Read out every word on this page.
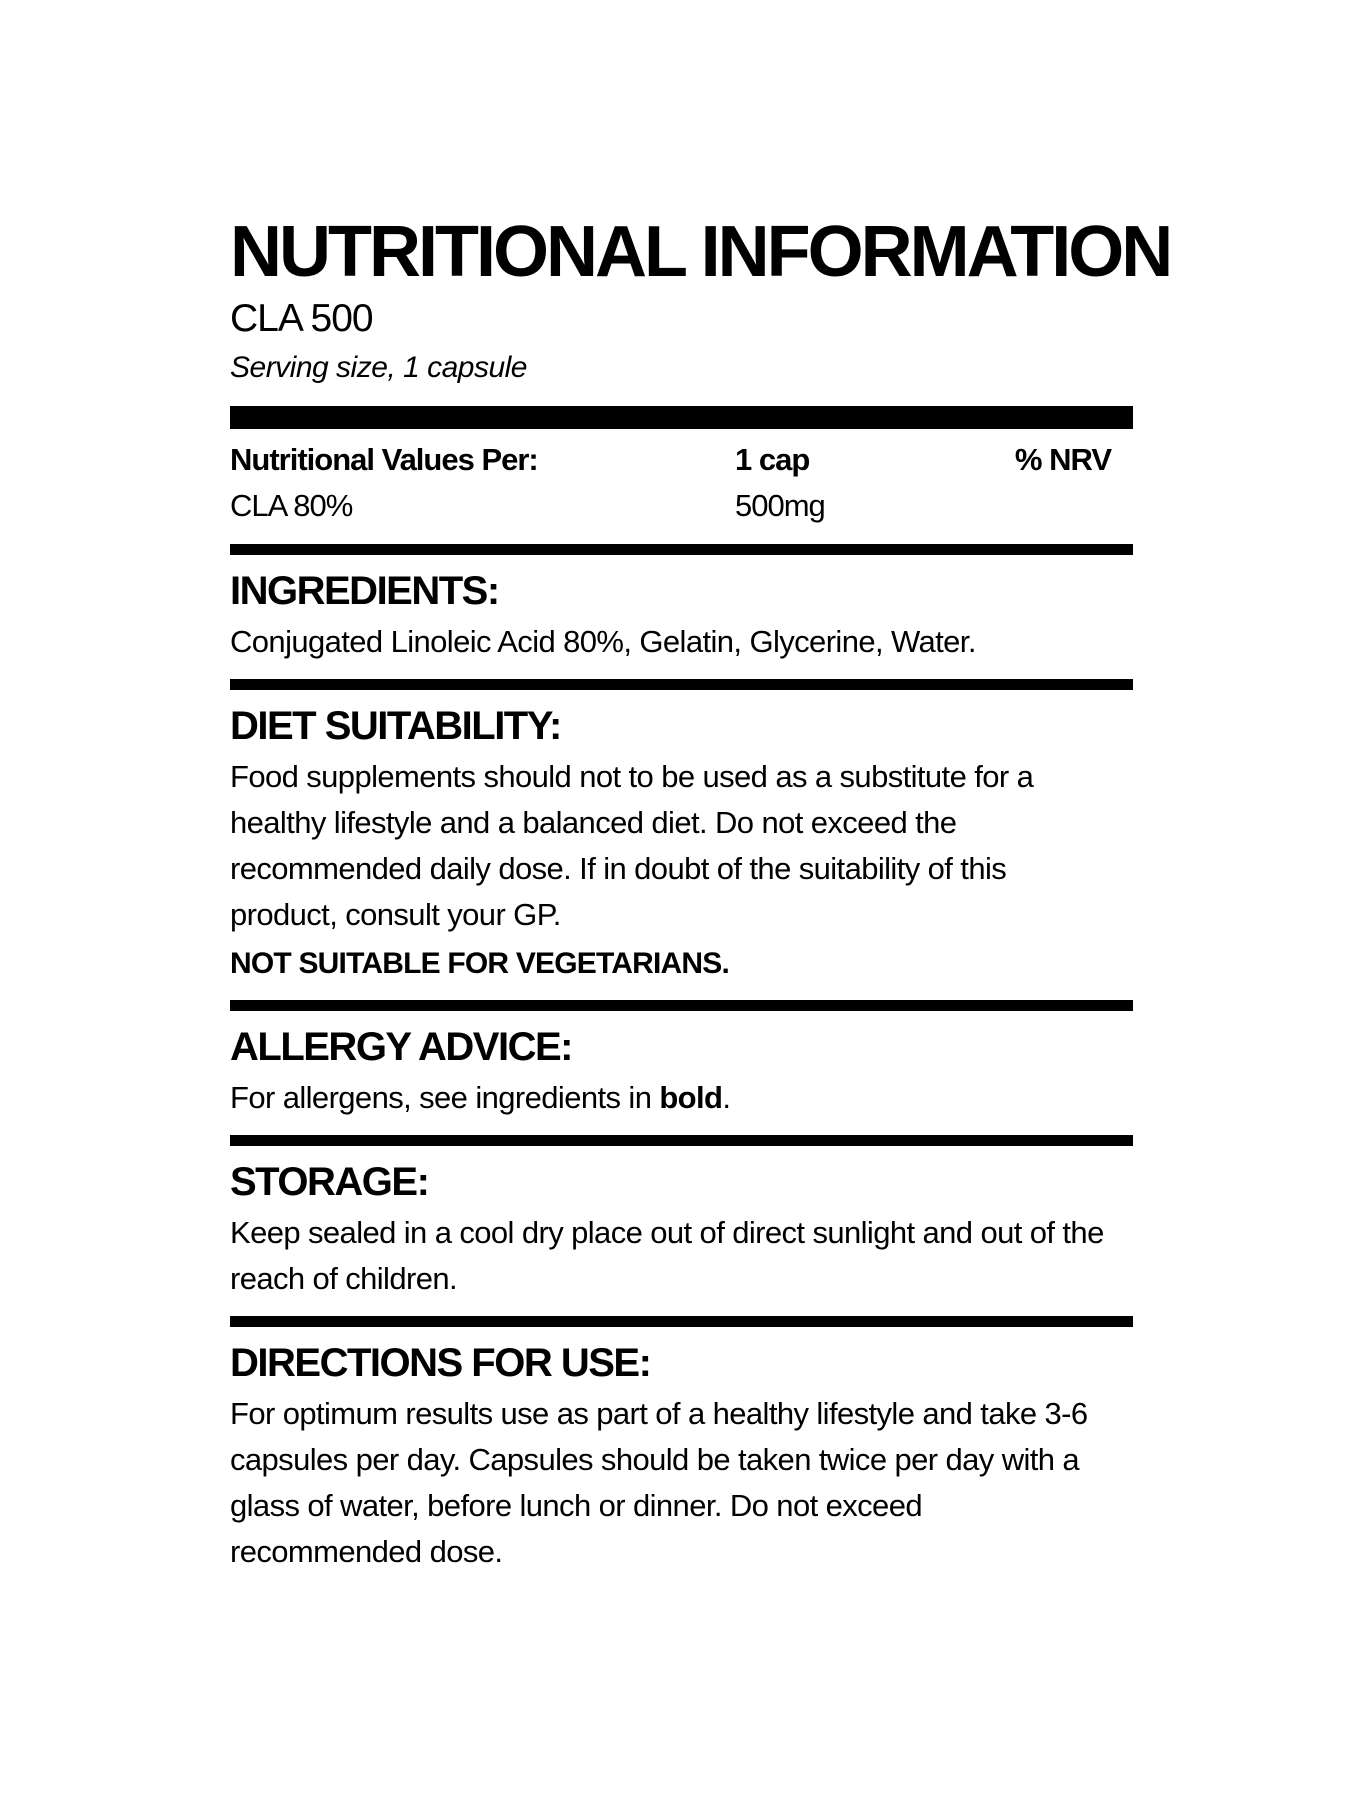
NUTRITIONAL INFORMATION
CLA 500
Serving size, 1 capsule
Nutritional Values Per:	1 cap	% NRV
CLA 80%	500mg
INGREDIENTS:

Conjugated Linoleic Acid 80%, Gelatin, Glycerine, Water.

DIET SUITABILITY:

Food supplements should not to be used as a substitute for a healthy lifestyle and a balanced diet. Do not exceed the recommended daily dose. If in doubt of the suitability of this product, consult your GP.

NOT SUITABLE FOR VEGETARIANS.
ALLERGY ADVICE:

For allergens, see ingredients in bold.

STORAGE:

Keep sealed in a cool dry place out of direct sunlight and out of the reach of children.

DIRECTIONS FOR USE:

For optimum results use as part of a healthy lifestyle and take 3-6 capsules per day. Capsules should be taken twice per day with a glass of water, before lunch or dinner. Do not exceed recommended dose.
